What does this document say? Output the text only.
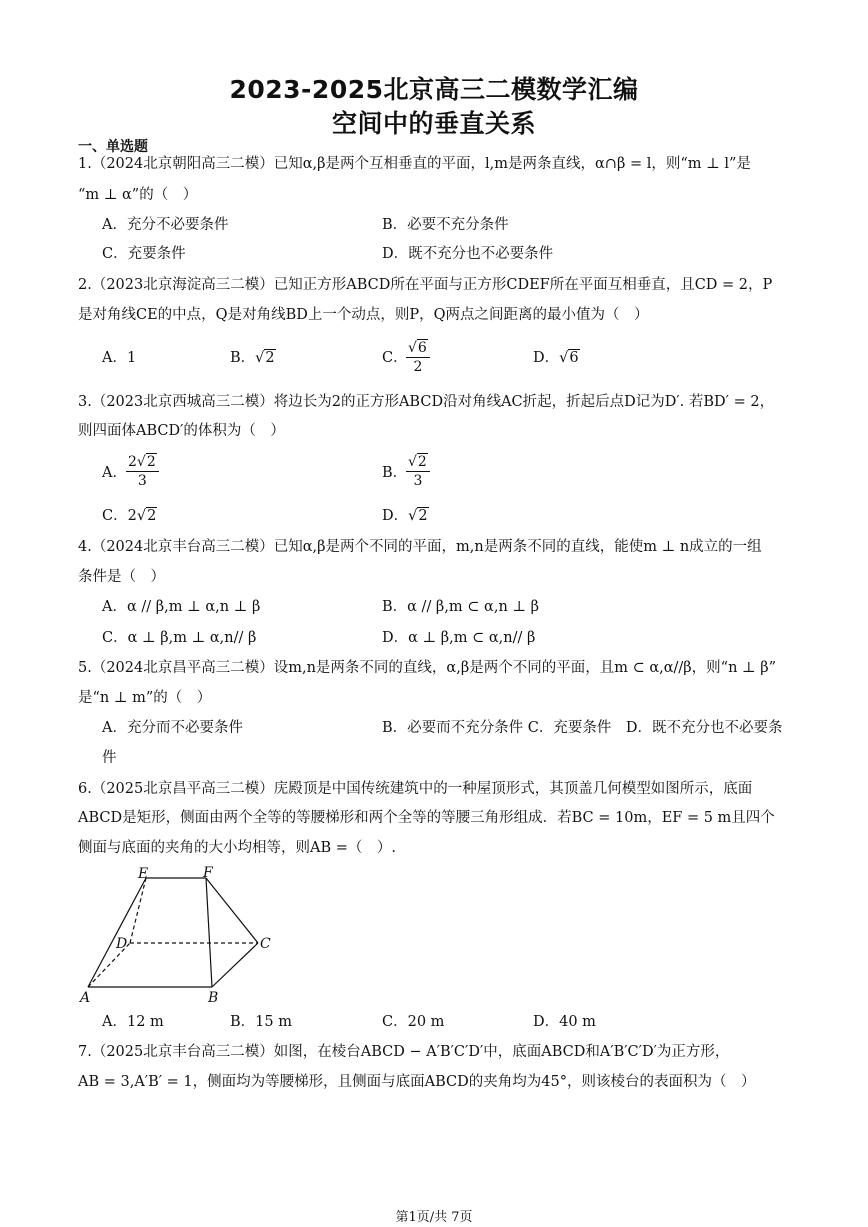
2023-2025北京高三二模数学汇编
空间中的垂直关系
一、单选题
1.（2024北京朝阳高三二模）已知α,β是两个互相垂直的平面，l,m是两条直线，α∩β = l，则“m ⊥ l”是
“m ⊥ α”的（　）
A．充分不必要条件	B．必要不充分条件
C．充要条件	D．既不充分也不必要条件
2.（2023北京海淀高三二模）已知正方形ABCD所在平面与正方形CDEF所在平面互相垂直，且CD = 2，P
是对角线CE的中点，Q是对角线BD上一个动点，则P，Q两点之间距离的最小值为（　）
A．1	B．√2	C．
$\frac{√6}{2}$	D．√6
3.（2023北京西城高三二模）将边长为2的正方形ABCD沿对角线AC折起，折起后点D记为D′. 若BD′ = 2，
则四面体ABCD′的体积为（　）
A． $\frac{2√2}{3}$	B．
$\frac{√2}{3}$
C．2√2	D．√2
4.（2024北京丰台高三二模）已知α,β是两个不同的平面，m,n是两条不同的直线，能使m ⊥ n成立的一组
条件是（　）
A．α // β,m ⊥ α,n ⊥ β	B．α // β,m ⊂ α,n ⊥ β
C．α ⊥ β,m ⊥ α,n// β	D．α ⊥ β,m ⊂ α,n// β
5.（2024北京昌平高三二模）设m,n是两条不同的直线，α,β是两个不同的平面，且m ⊂ α,α//β，则“n ⊥ β”
是“n ⊥ m”的（　）
A．充分而不必要条件	B．必要而不充分条件 C．充要条件　D．既不充分也不必要条
件
6.（2025北京昌平高三二模）庑殿顶是中国传统建筑中的一种屋顶形式，其顶盖几何模型如图所示，底面
ABCD是矩形，侧面由两个全等的等腰梯形和两个全等的等腰三角形组成．若BC = 10m，EF = 5 m且四个
侧面与底面的夹角的大小均相等，则AB =（　）.
E	F
D	C
A	B
A．12 m	B．15 m	C．20 m	D．40 m
7.（2025北京丰台高三二模）如图，在棱台ABCD − A′B′C′D′中，底面ABCD和A′B′C′D′为正方形，
AB = 3,A′B′ = 1，侧面均为等腰梯形，且侧面与底面ABCD的夹角均为45°，则该棱台的表面积为（　）
第1页/共 7页
